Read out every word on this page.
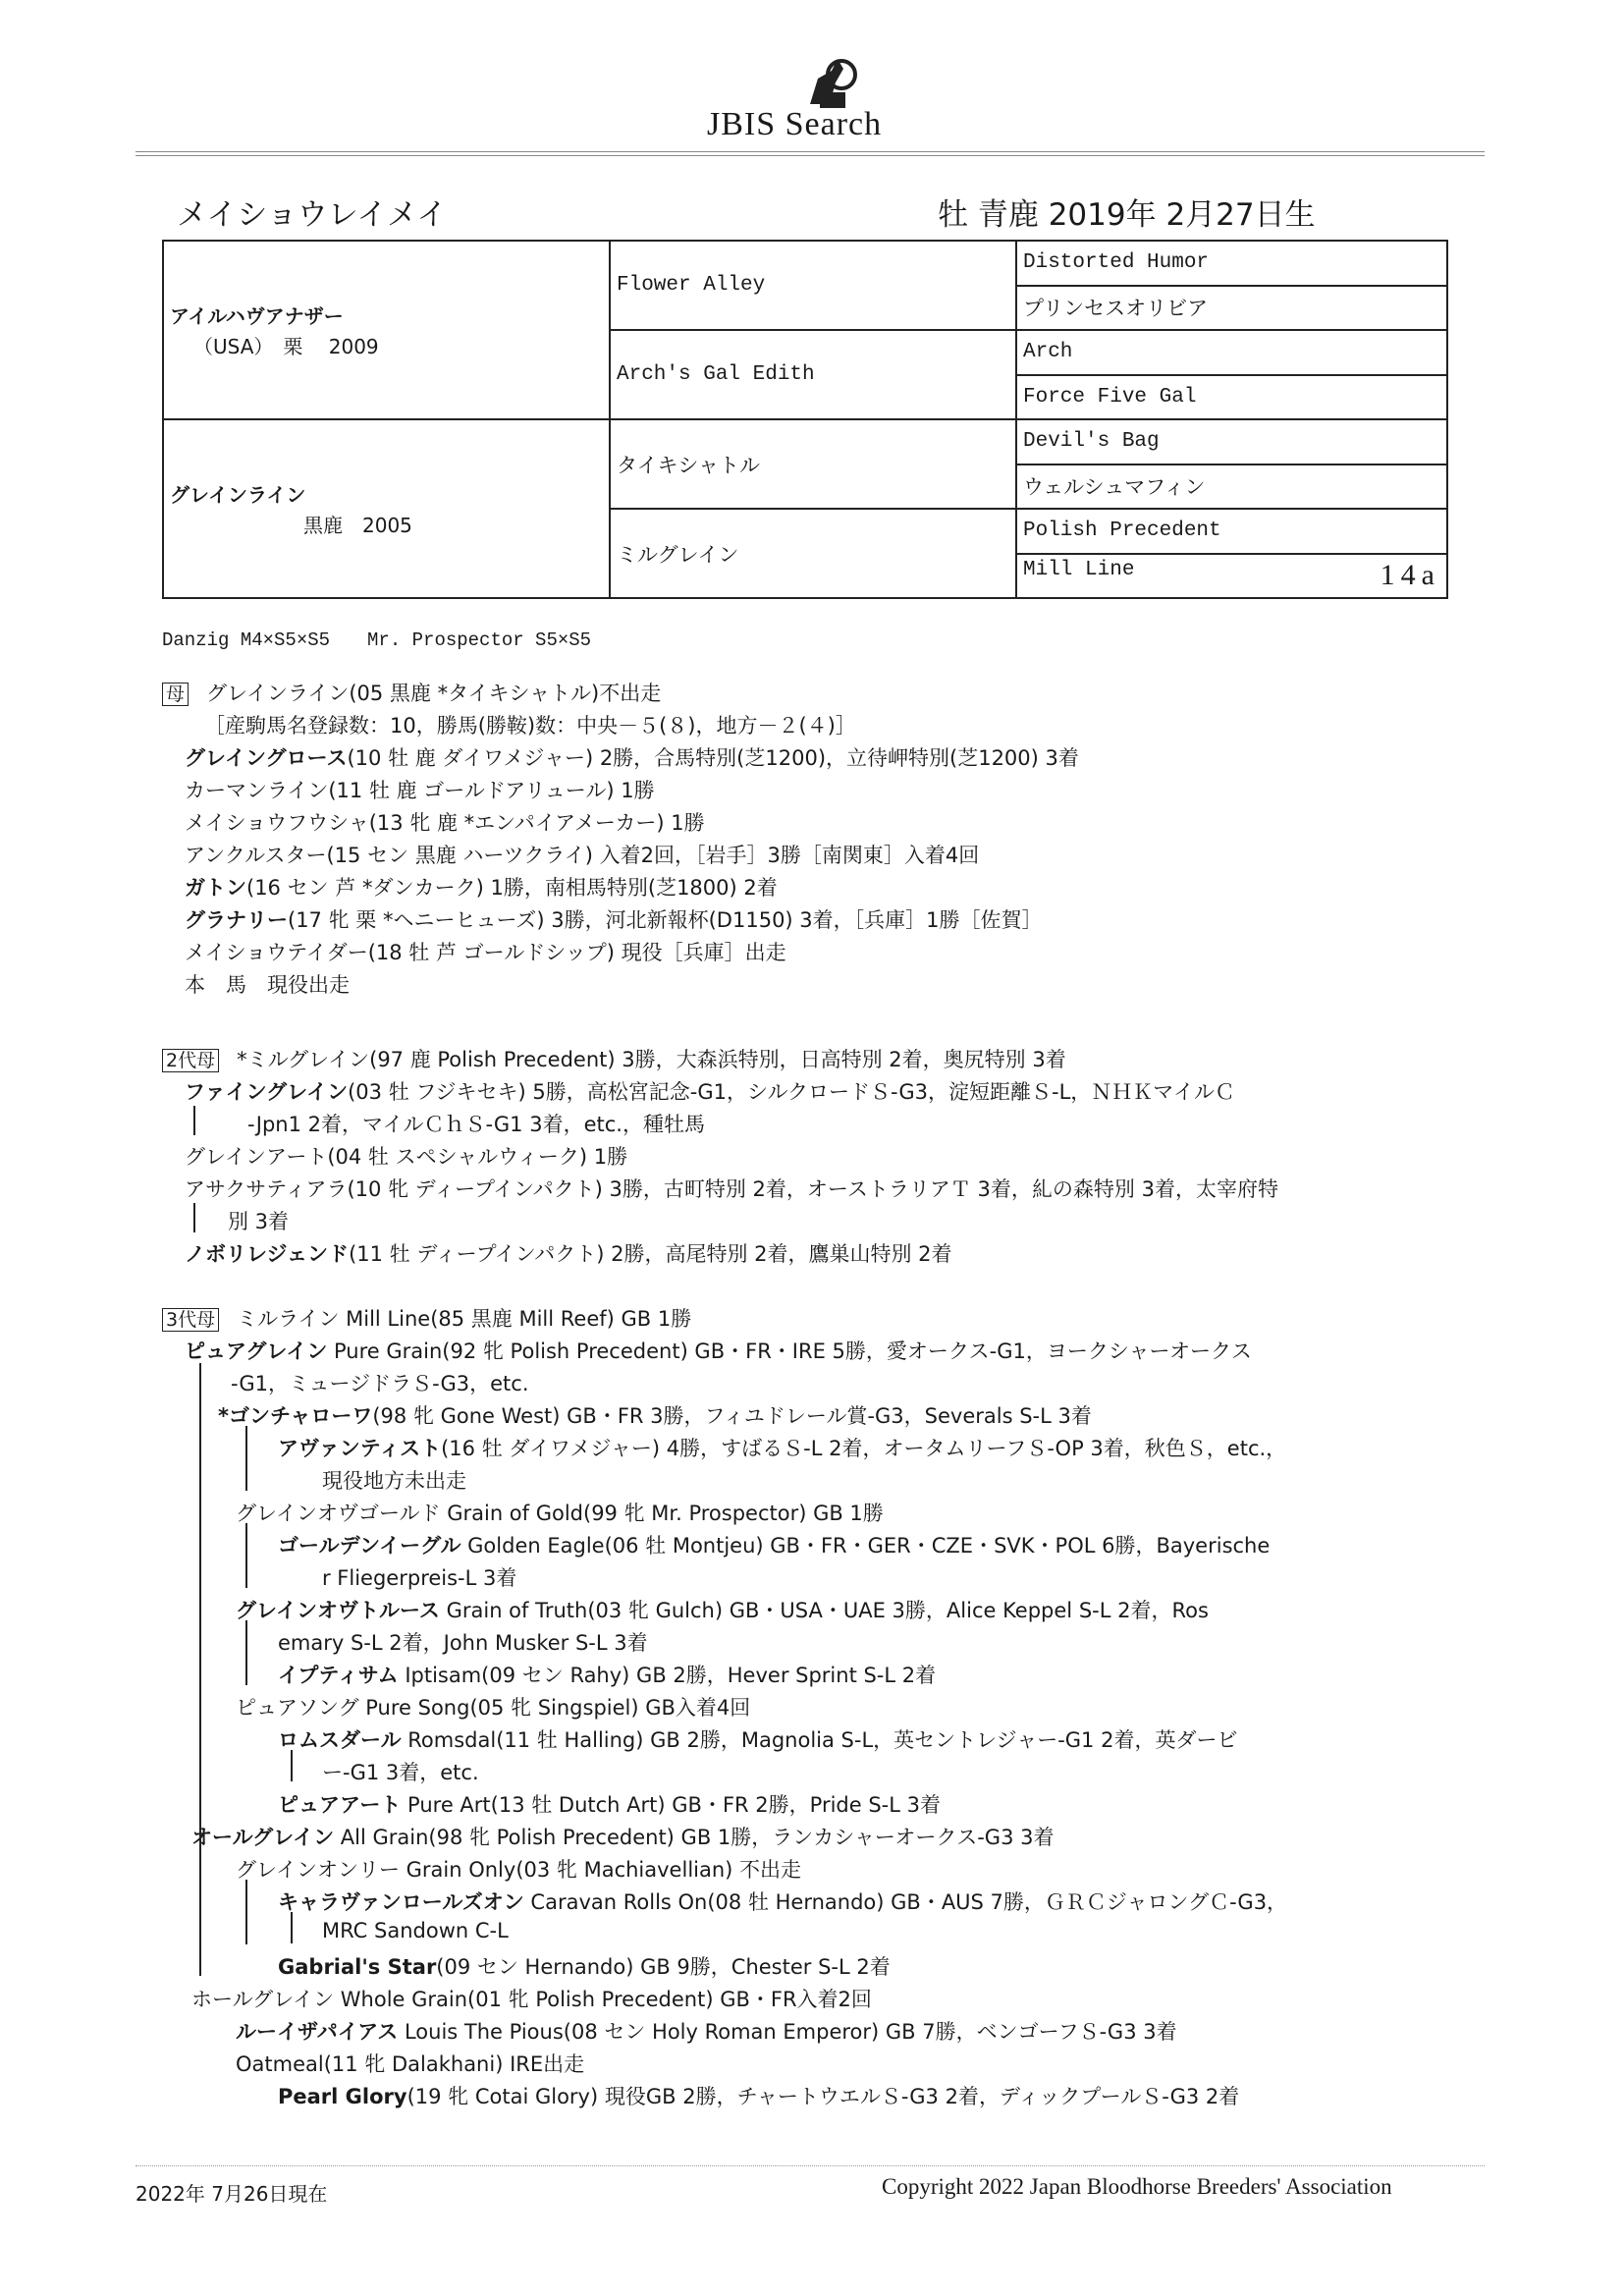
JBIS Search
メイショウレイメイ	牡 青鹿 2019年 2月27日生
アイルハヴアナザー
（USA）　栗　 2009	Flower Alley	Distorted Humor
		プリンセスオリビア
	Arch's Gal Edith	Arch
		Force Five Gal

グレインライン
黒鹿　2005	タイキシャトル	Devil's Bag
		ウェルシュマフィン
	ミルグレイン	Polish Precedent
		Mill Line 14a
Danzig M4×S5×S5　　Mr. Prospector S5×S5
母 グレインライン(05 黒鹿 *タイキシャトル)不出走
［産駒馬名登録数：10，勝馬(勝鞍)数：中央－５(８)，地方－２(４)］
グレイングロース(10 牡 鹿 ダイワメジャー) 2勝，合馬特別(芝1200)，立待岬特別(芝1200) 3着
カーマンライン(11 牡 鹿 ゴールドアリュール) 1勝
メイショウフウシャ(13 牝 鹿 *エンパイアメーカー) 1勝
アンクルスター(15 セン 黒鹿 ハーツクライ) 入着2回，［岩手］3勝［南関東］入着4回
ガトン(16 セン 芦 *ダンカーク) 1勝，南相馬特別(芝1800) 2着
グラナリー(17 牝 栗 *ヘニーヒューズ) 3勝，河北新報杯(D1150) 3着，［兵庫］1勝［佐賀］
メイショウテイダー(18 牡 芦 ゴールドシップ) 現役［兵庫］出走
本　馬　現役出走
2代母 *ミルグレイン(97 鹿 Polish Precedent) 3勝，大森浜特別，日高特別 2着，奥尻特別 3着
ファイングレイン(03 牡 フジキセキ) 5勝，高松宮記念-G1，シルクロードＳ-G3，淀短距離Ｓ-L，ＮＨＫマイルＣ
-Jpn1 2着，マイルＣｈＳ-G1 3着，etc.，種牡馬
グレインアート(04 牡 スペシャルウィーク) 1勝
アサクサティアラ(10 牝 ディープインパクト) 3勝，古町特別 2着，オーストラリアＴ 3着，糺の森特別 3着，太宰府特
別 3着
ノボリレジェンド(11 牡 ディープインパクト) 2勝，高尾特別 2着，鷹巣山特別 2着
3代母 ミルライン Mill Line(85 黒鹿 Mill Reef) GB 1勝
ピュアグレイン Pure Grain(92 牝 Polish Precedent) GB・FR・IRE 5勝，愛オークス-G1，ヨークシャーオークス
-G1，ミュージドラＳ-G3，etc.
*ゴンチャローワ(98 牝 Gone West) GB・FR 3勝，フィユドレール賞-G3，Severals S-L 3着
アヴァンティスト(16 牡 ダイワメジャー) 4勝，すばるＳ-L 2着，オータムリーフＳ-OP 3着，秋色Ｓ，etc.，
現役地方未出走
グレインオヴゴールド Grain of Gold(99 牝 Mr. Prospector) GB 1勝
ゴールデンイーグル Golden Eagle(06 牡 Montjeu) GB・FR・GER・CZE・SVK・POL 6勝，Bayerische
r Fliegerpreis-L 3着
グレインオヴトルース Grain of Truth(03 牝 Gulch) GB・USA・UAE 3勝，Alice Keppel S-L 2着，Ros
emary S-L 2着，John Musker S-L 3着
イプティサム Iptisam(09 セン Rahy) GB 2勝，Hever Sprint S-L 2着
ピュアソング Pure Song(05 牝 Singspiel) GB入着4回
ロムスダール Romsdal(11 牡 Halling) GB 2勝，Magnolia S-L，英セントレジャー-G1 2着，英ダービ
ー-G1 3着，etc.
ピュアアート Pure Art(13 牡 Dutch Art) GB・FR 2勝，Pride S-L 3着
オールグレイン All Grain(98 牝 Polish Precedent) GB 1勝，ランカシャーオークス-G3 3着
グレインオンリー Grain Only(03 牝 Machiavellian) 不出走
キャラヴァンロールズオン Caravan Rolls On(08 牡 Hernando) GB・AUS 7勝，ＧＲＣジャロングＣ-G3，
MRC Sandown C-L
Gabrial's Star(09 セン Hernando) GB 9勝，Chester S-L 2着
ホールグレイン Whole Grain(01 牝 Polish Precedent) GB・FR入着2回
ルーイザパイアス Louis The Pious(08 セン Holy Roman Emperor) GB 7勝，ベンゴーフＳ-G3 3着
Oatmeal(11 牝 Dalakhani) IRE出走
Pearl Glory(19 牝 Cotai Glory) 現役GB 2勝，チャートウエルＳ-G3 2着，ディックプールＳ-G3 2着
2022年 7月26日現在	Copyright 2022 Japan Bloodhorse Breeders' Association
